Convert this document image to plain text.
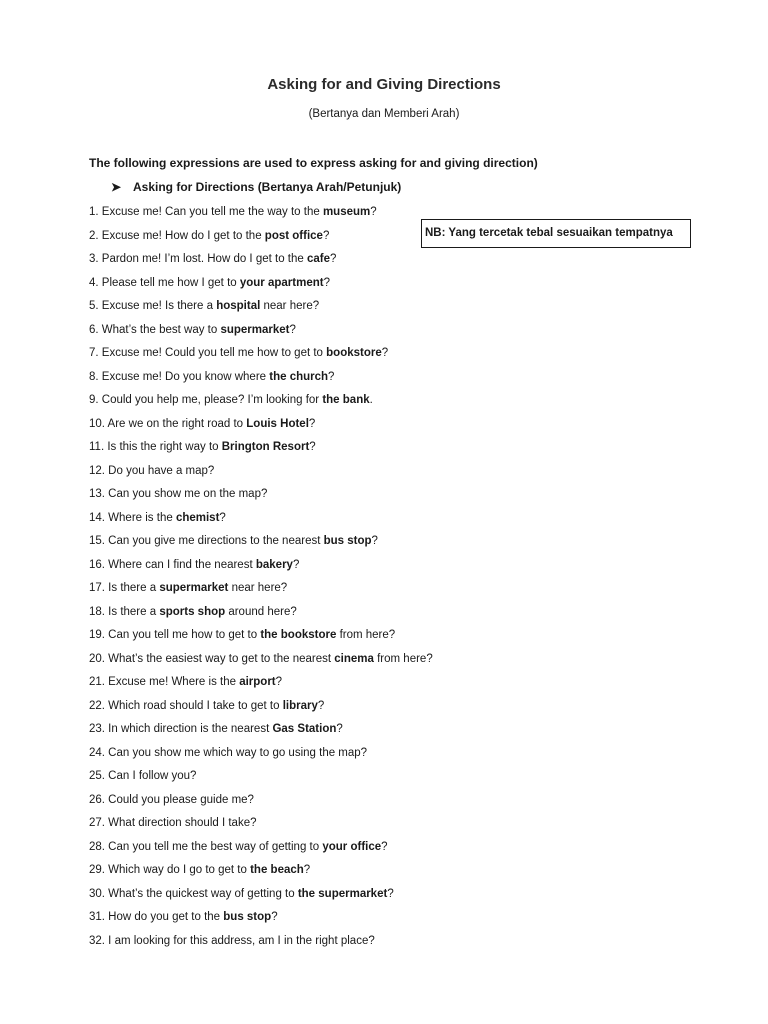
Asking for and Giving Directions
(Bertanya dan Memberi Arah)
The following expressions are used to express asking for and giving direction)
➤ Asking for Directions (Bertanya Arah/Petunjuk)
NB: Yang tercetak tebal sesuaikan tempatnya
1. Excuse me! Can you tell me the way to the museum?
2. Excuse me! How do I get to the post office?
3. Pardon me! I’m lost. How do I get to the cafe?
4. Please tell me how I get to your apartment?
5. Excuse me! Is there a hospital near here?
6. What’s the best way to supermarket?
7. Excuse me! Could you tell me how to get to bookstore?
8. Excuse me! Do you know where the church?
9. Could you help me, please? I’m looking for the bank.
10. Are we on the right road to Louis Hotel?
11. Is this the right way to Brington Resort?
12. Do you have a map?
13. Can you show me on the map?
14. Where is the chemist?
15. Can you give me directions to the nearest bus stop?
16. Where can I find the nearest bakery?
17. Is there a supermarket near here?
18. Is there a sports shop around here?
19. Can you tell me how to get to the bookstore from here?
20. What’s the easiest way to get to the nearest cinema from here?
21. Excuse me! Where is the airport?
22. Which road should I take to get to library?
23. In which direction is the nearest Gas Station?
24. Can you show me which way to go using the map?
25. Can I follow you?
26. Could you please guide me?
27. What direction should I take?
28. Can you tell me the best way of getting to your office?
29. Which way do I go to get to the beach?
30. What’s the quickest way of getting to the supermarket?
31. How do you get to the bus stop?
32. I am looking for this address, am I in the right place?
